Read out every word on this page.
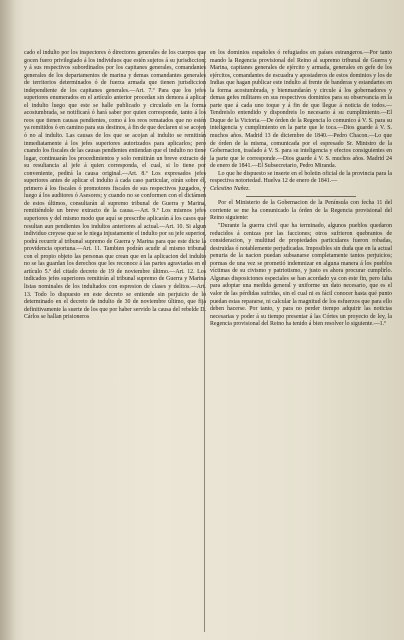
cado el indulto por los inspectores ó directores generales de los cuerpos que gocen fuero privilegiado á los individuos que estén sujetos á su jurisdiccion; y á sus respectivos subordinados por los capitanes generales, comandantes generales de los departamentos de marina y demas comandantes generales de territorios determinados ó de fuerza armada que tienen jurisdiccion independiente de los capitanes generales.—Art. 7.º Para que los jefes superiores enumerados en el artículo anterior procedan sin demora á aplicar el indulto luego que este se halle publicado y circulado en la forma acostumbrada, se notificará ó hará saber por quien corresponde, tanto á los reos que tienen causas pendientes, como á los reos rematados que no estén ya remitidos ó en camino para sus destinos, á fin de que declaren si se acojen ó no al indulto. Las causas de los que se acojan al indulto se remitirán inmediatamente á los jefes superiores autorizados para aplicarlos; pero cuando los fiscales de las causas pendientes entiendan que el indulto no tiene lugar, continuarán los procedimientos y solo remitirán un breve extracto de su resultancia al jefe á quien corresponda, el cual, si lo tiene por conveniente, pedirá la causa original.—Art. 8.º Los expresados jefes superiores antes de aplicar el indulto á cada caso particular, oirán sobre él, primero á los fiscales ó promotores fiscales de sus respectivos juzgados, y luego á los auditores ó Asesores; y cuando no se conformen con el dictámen de estos últimos, consultarán al supremo tribunal de Guerra y Marina, remitiéndole un breve extracto de la causa.—Art. 9.º Los mismos jefes superiores y del mismo modo que aquí se prescribe aplicarán á los casos que resultan aun pendientes los indultos anteriores al actual.—Art. 10. Si algun individuo creyese que se le niega injustamente el indulto por su jefe superior, podrá recurrir al tribunal supremo de Guerra y Marina para que este dicte la providencia oportuna.—Art. 11. Tambien podrán acudir al mismo tribunal con el propio objeto las personas que crean que en la aplicacion del indulto no se las guardan los derechos que les reconoce á las partes agraviadas en el artículo 5.º del citado decreto de 19 de noviembre último.—Art. 12. Los indicados jefes superiores remitirán al tribunal supremo de Guerra y Marina listas nominales de los indultados con espresion de clases y delitos.—Art. 13. Todo lo dispuesto en este decreto se entiende sin perjuicio de lo determinado en el decreto de indulto de 30 de noviembre último, que fija definitivamente la suerte de los que por haber servido la causa del rebelde D. Cárlos se hallan prisioneros

en los dominios españoles ó refugiados en países estrangeros.—Por tanto mando la Regencia provisional del Reino al supremo tribunal de Guerra y Marina, capitanes generales de ejército y armada, generales en gefe de los ejércitos, comandantes de escuadra y apostaderos de estos dominios y los de Indias que hagan publicar este indulto al frente de banderas y estandartes en la forma acostumbrada, y bienmandarán y circule á los gobernadores y demas gefes militares en sus respectivos dominios para su observancia en la parte que á cada uno toque y á fin de que llegue á noticia de todos.—Tendreislo entendido y dispondreis lo necesario á su cumplimiento.—El Duque de la Victoria.—De órden de la Regencia lo comunico á V. S. para su inteligencia y cumplimiento en la parte que le toca.—Dios guarde á V. S. muchos años. Madrid 13 de diciembre de 1840.—Pedro Chacon.—Lo que de órden de la misma, comunicada por el espresado Sr. Ministro de la Gobernacion, traslado á V. S. para su inteligencia y efectos consiguientes en la parte que le corresponde.—Dios guarde á V. S. muchos años. Madrid 24 de enero de 1841.—El Subsecretario, Pedro Miranda.

Lo que he dispuesto se inserte en el boletin oficial de la provincia para la respectiva notoriedad. Huelva 12 de enero de 1841.—

Celestino Nuñez.

Por el Ministerio de la Gobernacion de la Península con fecha 11 del corriente se me ha comunicado la órden de la Regencia provisional del Reino siguiente:

"Durante la guerra civil que ha terminado, algunos pueblos quedaron reducidos á cenizas por las facciones; otros sufrieron quebrantos de consideracion, y multitud de propiedades particulares fueron robadas, destruidas ó notablemente perjudicadas. Imposibles sin duda que en la actual penuria de la nacion puedan subsanarse completamente tantos perjuicios; pormas de una vez se prometió indemnizar en alguna manera á los pueblos víctimas de su civismo y patriotismo, y justo es ahora procurar cumplirlo. Algunas disposiciones especiales se han acordado ya con este fin, pero falta para adoptar una medida general y uniforme un dato necesario, que es el valor de las pérdidas sufridas, sin el cual ni es fácil conocer hasta qué punto puedan estas repararse, ni calcular la magnitud de los esfuerzos que para ello deben hacerse. Por tanto, y para no perder tiempo adquirir las noticias necesarias y poder á su tiempo presentar á las Córtes un proyecto de ley, la Regencia provisional del Reino ha tenido á bien resolver lo siguiente.—1.º
